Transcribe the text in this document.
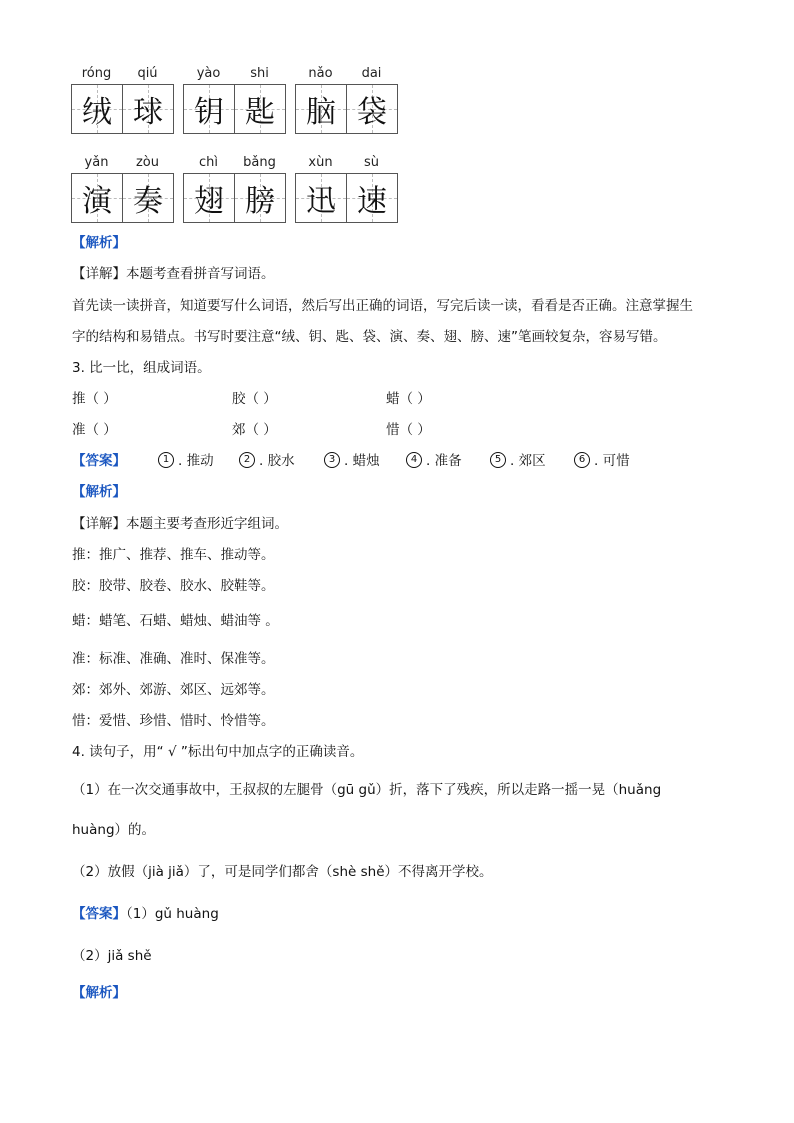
róng	qiú
绒 球
yào	shi
钥 匙
nǎo	dai
脑 袋
yǎn	zòu
演 奏
chì	bǎng
翅 膀
xùn	sù
迅 速
【解析】
【详解】本题考查看拼音写词语。
首先读一读拼音，知道要写什么词语，然后写出正确的词语，写完后读一读，看看是否正确。注意掌握生
字的结构和易错点。书写时要注意“绒、钥、匙、袋、演、奏、翅、膀、速”笔画较复杂，容易写错。
3. 比一比，组成词语。
推（ ）	胶（ ）	蜡（ ）
准（ ）	郊（ ）	惜（ ）
【答案】	1 . 推动	2 . 胶水	3 . 蜡烛	4 . 准备	5 . 郊区	6 . 可惜
【解析】
【详解】本题主要考查形近字组词。
推：推广、推荐、推车、推动等。
胶：胶带、胶卷、胶水、胶鞋等。
蜡：蜡笔、石蜡、蜡烛、蜡油等 。
准：标准、准确、准时、保准等。
郊：郊外、郊游、郊区、远郊等。
惜：爱惜、珍惜、惜时、怜惜等。
4. 读句子，用“ √ ”标出句中加点字的正确读音。
（1）在一次交通事故中，王叔叔的左腿骨（gū gǔ）折，落下了残疾，所以走路一摇一晃（huǎng
huàng）的。
（2）放假（jià jiǎ）了，可是同学们都舍（shè shě）不得离开学校。
【答案】（1）gǔ huàng
（2）jiǎ shě
【解析】
